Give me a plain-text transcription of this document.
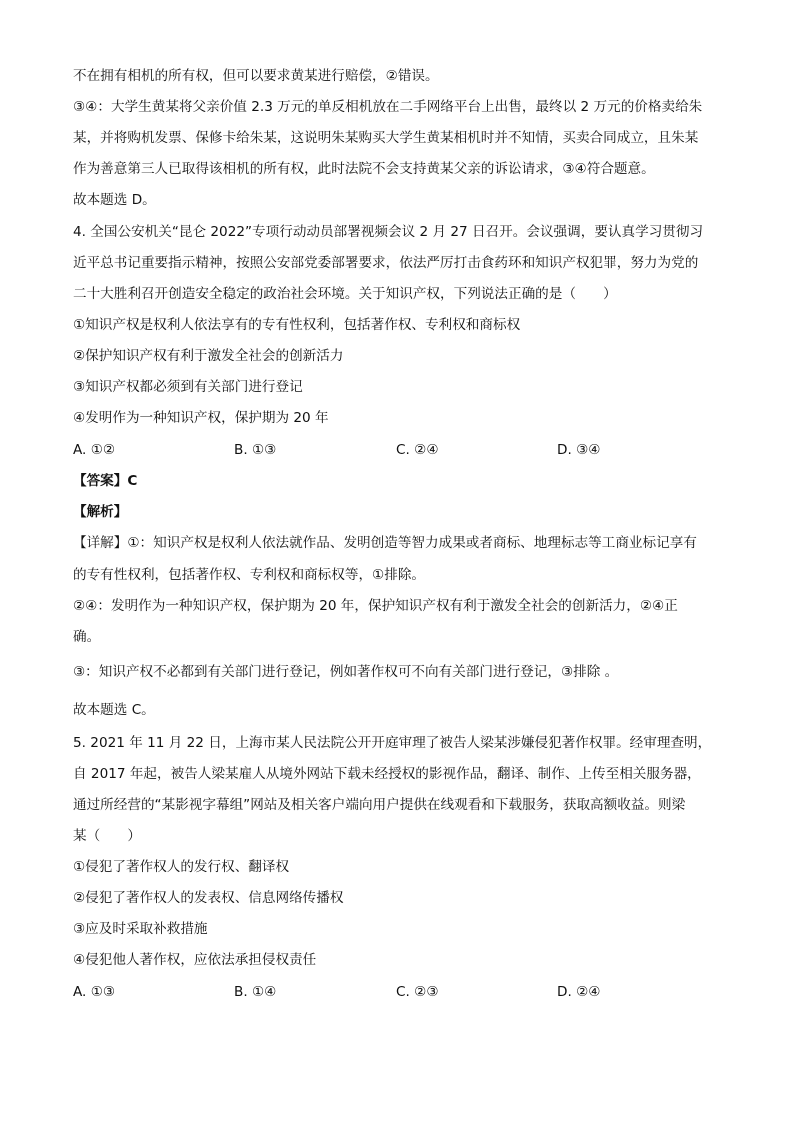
不在拥有相机的所有权，但可以要求黄某进行赔偿，②错误。
③④：大学生黄某将父亲价值 2.3 万元的单反相机放在二手网络平台上出售，最终以 2 万元的价格卖给朱
某，并将购机发票、保修卡给朱某，这说明朱某购买大学生黄某相机时并不知情，买卖合同成立，且朱某
作为善意第三人已取得该相机的所有权，此时法院不会支持黄某父亲的诉讼请求，③④符合题意。
故本题选 D。
4. 全国公安机关“昆仑 2022”专项行动动员部署视频会议 2 月 27 日召开。会议强调，要认真学习贯彻习
近平总书记重要指示精神，按照公安部党委部署要求，依法严厉打击食药环和知识产权犯罪，努力为党的
二十大胜利召开创造安全稳定的政治社会环境。关于知识产权，下列说法正确的是（　　）
①知识产权是权利人依法享有的专有性权利，包括著作权、专利权和商标权
②保护知识产权有利于激发全社会的创新活力
③知识产权都必须到有关部门进行登记
④发明作为一种知识产权，保护期为 20 年
A. ①②	B. ①③	C. ②④	D. ③④
【答案】C
【解析】
【详解】①：知识产权是权利人依法就作品、发明创造等智力成果或者商标、地理标志等工商业标记享有
的专有性权利，包括著作权、专利权和商标权等，①排除。
②④：发明作为一种知识产权，保护期为 20 年，保护知识产权有利于激发全社会的创新活力，②④正
确。
③：知识产权不必都到有关部门进行登记，例如著作权可不向有关部门进行登记，③排除 。
故本题选 C。
5. 2021 年 11 月 22 日，上海市某人民法院公开开庭审理了被告人梁某涉嫌侵犯著作权罪。经审理查明，
自 2017 年起，被告人梁某雇人从境外网站下载未经授权的影视作品，翻译、制作、上传至相关服务器，
通过所经营的“某影视字幕组”网站及相关客户端向用户提供在线观看和下载服务，获取高额收益。则梁
某（　　）
①侵犯了著作权人的发行权、翻译权
②侵犯了著作权人的发表权、信息网络传播权
③应及时采取补救措施
④侵犯他人著作权，应依法承担侵权责任
A. ①③	B. ①④	C. ②③	D. ②④
